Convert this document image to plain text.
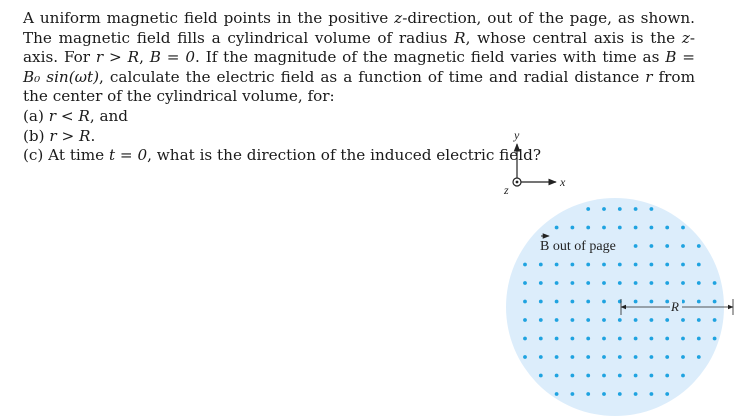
A uniform magnetic field points in the positive z-direction, out of the page, as shown. The magnetic field fills a cylindrical volume of radius R, whose central axis is the z-axis. For r > R, B = 0. If the magnitude of the magnetic field varies with time as B = B₀ sin(ωt), calculate the electric field as a function of time and radial distance r from the center of the cylindrical volume, for:

(a) r < R, and
(b) r > R.
(c) At time t = 0, what is the direction of the induced electric field?
B out of page
R
y
x
z
